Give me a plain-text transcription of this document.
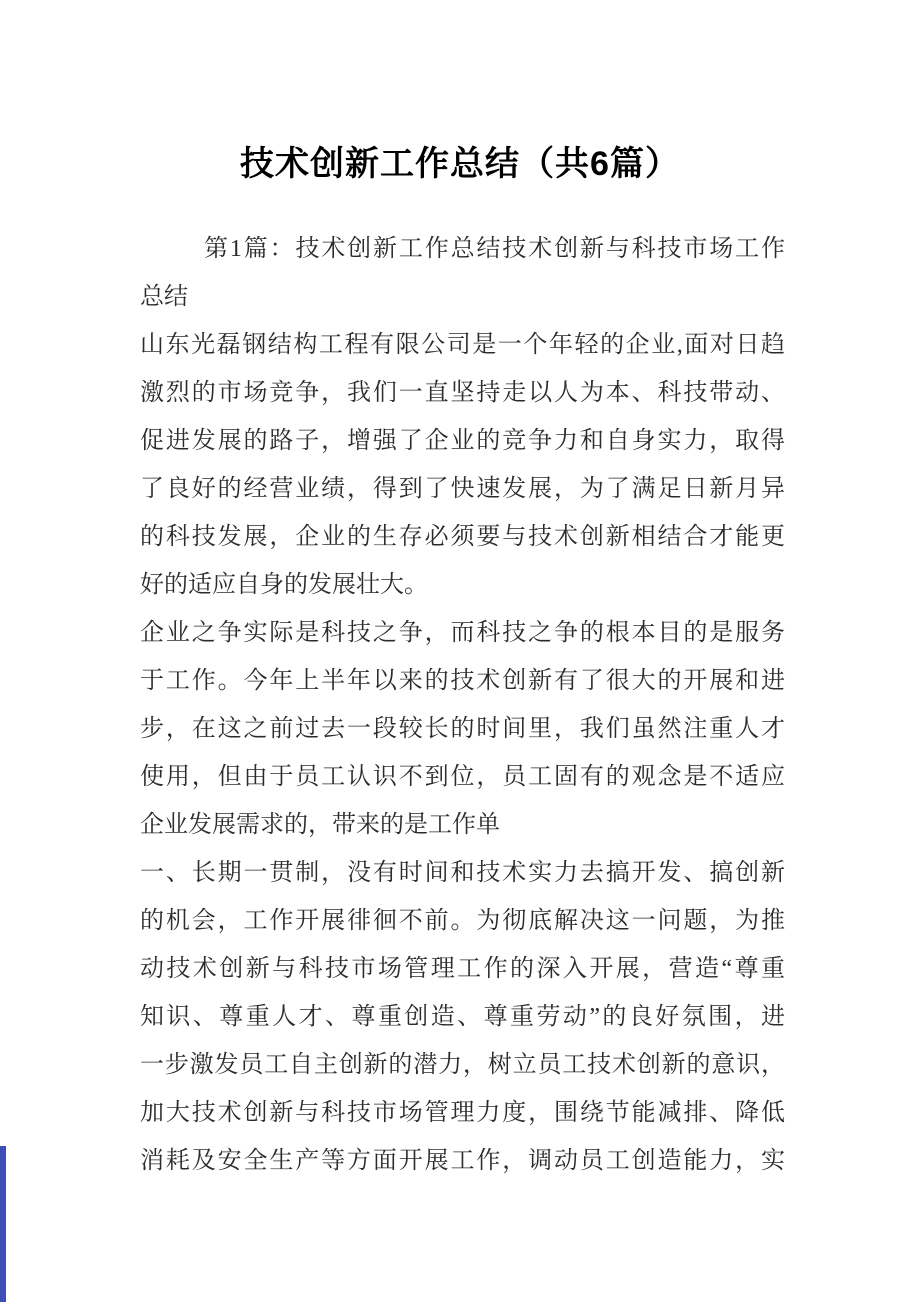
技术创新工作总结（共6篇）
第1篇：技术创新工作总结技术创新与科技市场工作
总结
山东光磊钢结构工程有限公司是一个年轻的企业,面对日趋
激烈的市场竞争，我们一直坚持走以人为本、科技带动、
促进发展的路子，增强了企业的竞争力和自身实力，取得
了良好的经营业绩，得到了快速发展，为了满足日新月异
的科技发展，企业的生存必须要与技术创新相结合才能更
好的适应自身的发展壮大。
企业之争实际是科技之争，而科技之争的根本目的是服务
于工作。今年上半年以来的技术创新有了很大的开展和进
步，在这之前过去一段较长的时间里，我们虽然注重人才
使用，但由于员工认识不到位，员工固有的观念是不适应
企业发展需求的，带来的是工作单
一、长期一贯制，没有时间和技术实力去搞开发、搞创新
的机会，工作开展徘徊不前。为彻底解决这一问题，为推
动技术创新与科技市场管理工作的深入开展，营造“尊重
知识、尊重人才、尊重创造、尊重劳动”的良好氛围，进
一步激发员工自主创新的潜力，树立员工技术创新的意识，
加大技术创新与科技市场管理力度，围绕节能减排、降低
消耗及安全生产等方面开展工作，调动员工创造能力，实
